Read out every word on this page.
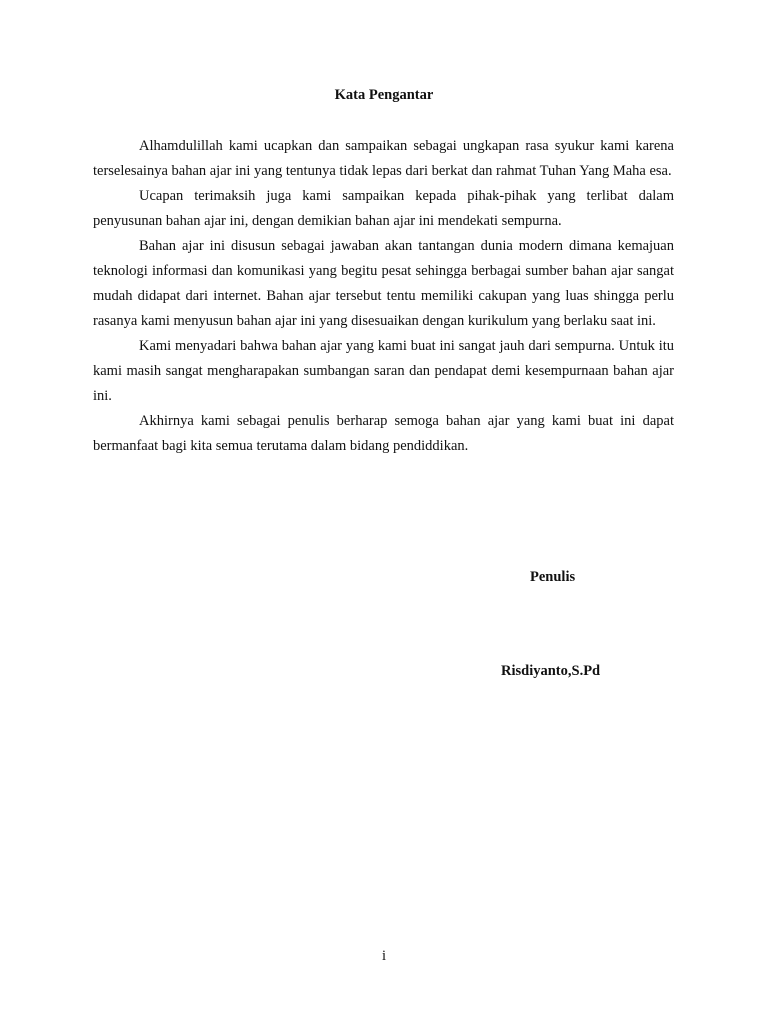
Kata Pengantar

Alhamdulillah kami ucapkan dan sampaikan sebagai ungkapan rasa syukur kami karena terselesainya bahan ajar ini yang tentunya tidak lepas dari berkat dan rahmat Tuhan Yang Maha esa.

Ucapan terimaksih juga kami sampaikan kepada pihak-pihak yang terlibat dalam penyusunan bahan ajar ini, dengan demikian bahan ajar ini mendekati sempurna.

Bahan ajar ini disusun sebagai jawaban akan tantangan dunia modern dimana kemajuan teknologi informasi dan komunikasi yang begitu pesat sehingga berbagai sumber bahan ajar sangat mudah didapat dari internet. Bahan ajar tersebut tentu memiliki cakupan yang luas shingga perlu rasanya kami menyusun bahan ajar ini yang disesuaikan dengan kurikulum yang berlaku saat ini.

Kami menyadari bahwa bahan ajar yang kami buat ini sangat jauh dari sempurna. Untuk itu kami masih sangat mengharapakan sumbangan saran dan pendapat demi kesempurnaan bahan ajar ini.

Akhirnya kami sebagai penulis berharap semoga bahan ajar yang kami buat ini dapat bermanfaat bagi kita semua terutama dalam bidang pendiddikan.

Penulis
Risdiyanto,S.Pd
i
